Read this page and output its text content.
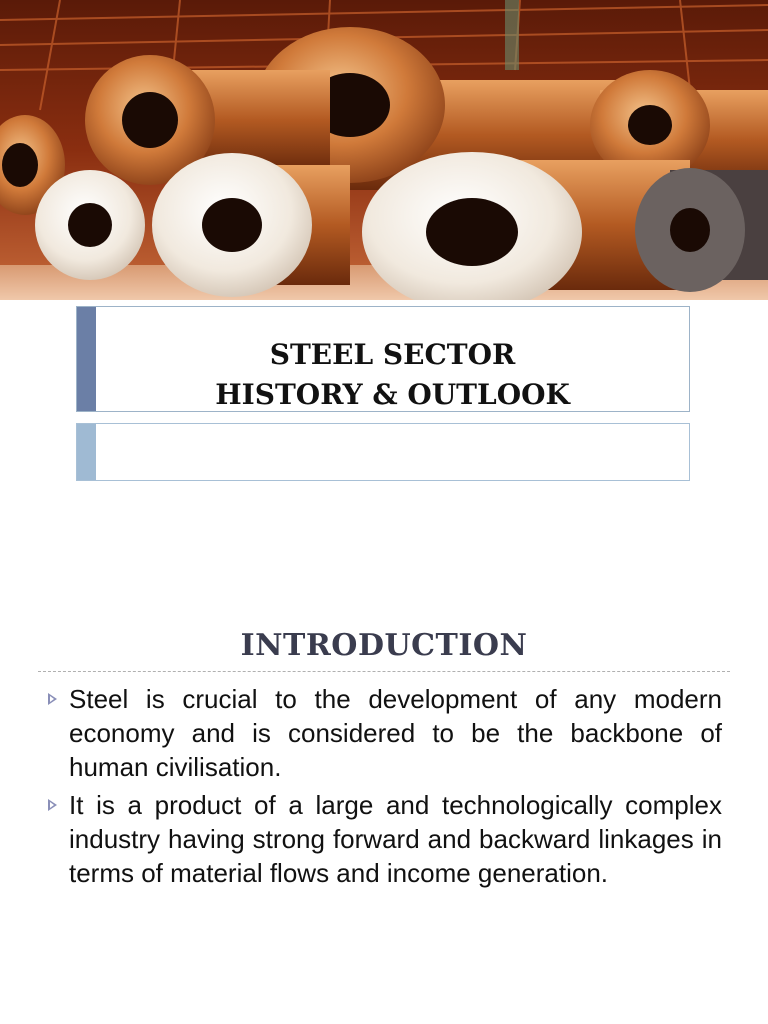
STEEL SECTOR
HISTORY & OUTLOOK
INTRODUCTION
Steel is crucial to the development of any modern economy and is considered to be the backbone of human civilisation.
It is a product of a large and technologically complex industry having strong forward and backward linkages in terms of material flows and income generation.
